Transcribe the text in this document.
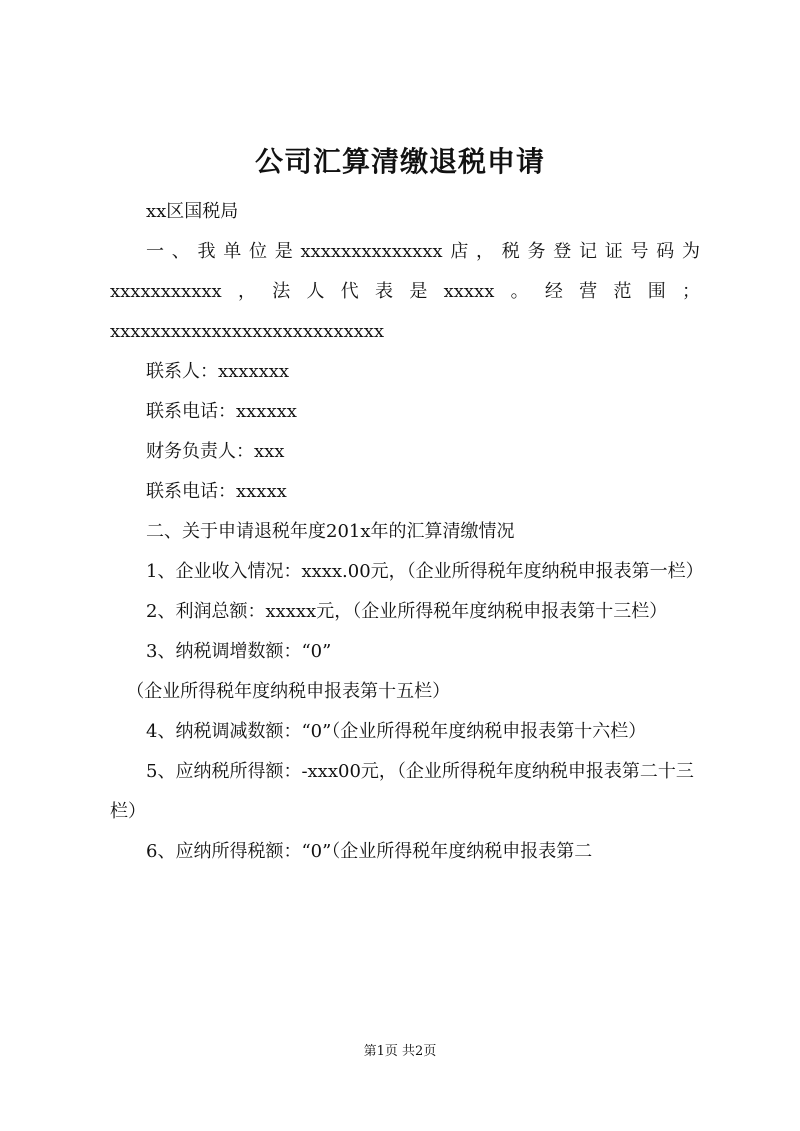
公司汇算清缴退税申请

xx区国税局

一、我单位是xxxxxxxxxxxxxx店，税务登记证号码为

xxxxxxxxxxx，法人代表是xxxxx。经营范围；

xxxxxxxxxxxxxxxxxxxxxxxxxxx

联系人：xxxxxxx

联系电话：xxxxxx

财务负责人：xxx

联系电话：xxxxx

二、关于申请退税年度201x年的汇算清缴情况

1、企业收入情况：xxxx.00元，（企业所得税年度纳税申报表第一栏）

2、利润总额：xxxxx元，（企业所得税年度纳税申报表第十三栏）

3、纳税调增数额：“0”

（企业所得税年度纳税申报表第十五栏）

4、纳税调减数额：“0”（企业所得税年度纳税申报表第十六栏）

5、应纳税所得额：-xxx00元，（企业所得税年度纳税申报表第二十三栏）

6、应纳所得税额：“0”（企业所得税年度纳税申报表第二

第1页 共2页
